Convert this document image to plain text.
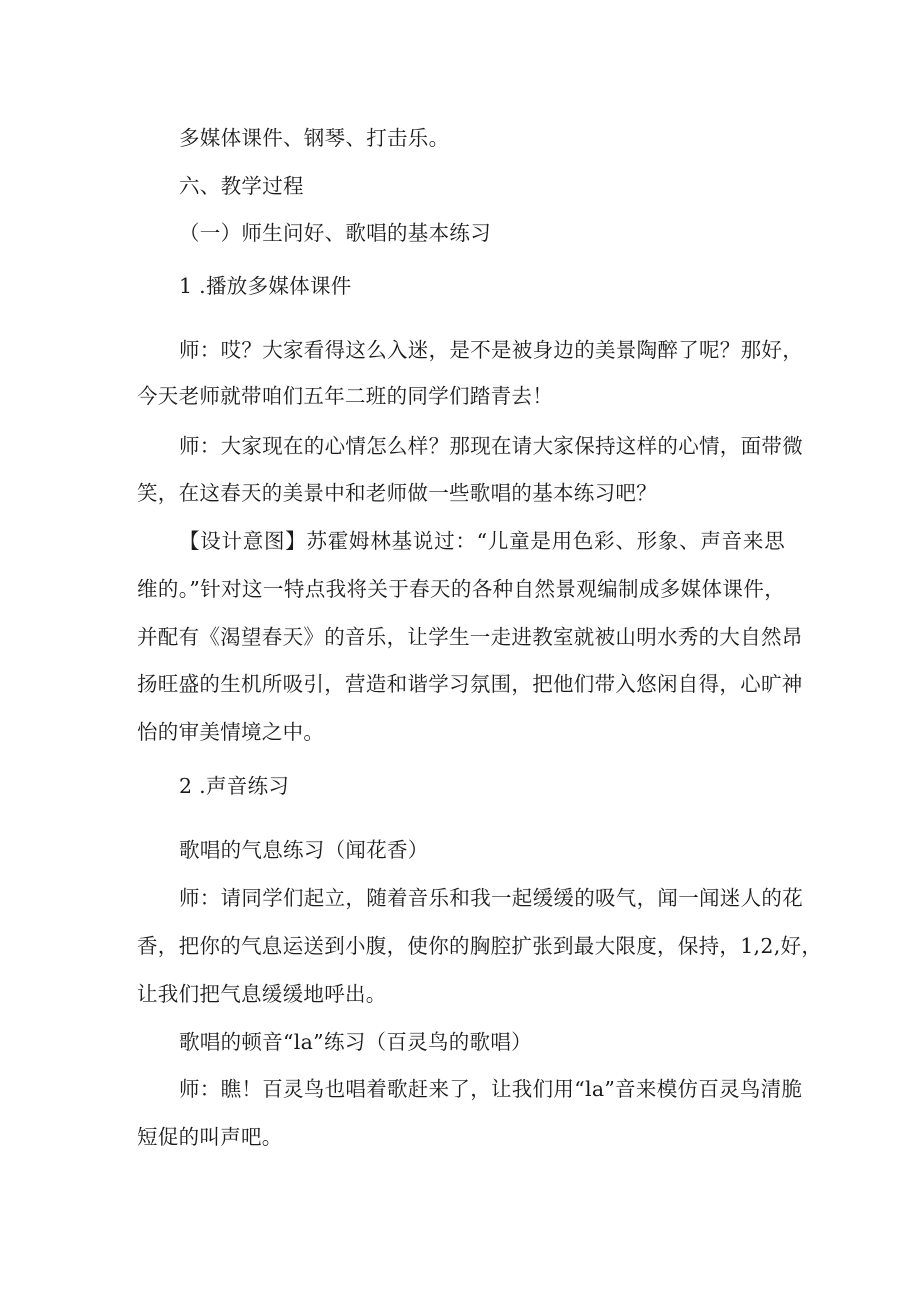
多媒体课件、钢琴、打击乐。
六、教学过程
（一）师生问好、歌唱的基本练习
1 .播放多媒体课件
师：哎？大家看得这么入迷，是不是被身边的美景陶醉了呢？那好，
今天老师就带咱们五年二班的同学们踏青去！
师：大家现在的心情怎么样？那现在请大家保持这样的心情，面带微
笑，在这春天的美景中和老师做一些歌唱的基本练习吧？
【设计意图】苏霍姆林基说过：“儿童是用色彩、形象、声音来思
维的。”针对这一特点我将关于春天的各种自然景观编制成多媒体课件，
并配有《渴望春天》的音乐，让学生一走进教室就被山明水秀的大自然昂
扬旺盛的生机所吸引，营造和谐学习氛围，把他们带入悠闲自得，心旷神
怡的审美情境之中。
2 .声音练习
歌唱的气息练习（闻花香）
师：请同学们起立，随着音乐和我一起缓缓的吸气，闻一闻迷人的花
香，把你的气息运送到小腹，使你的胸腔扩张到最大限度，保持，1,2,好，
让我们把气息缓缓地呼出。
歌唱的顿音“la”练习（百灵鸟的歌唱）
师：瞧！百灵鸟也唱着歌赶来了，让我们用“la”音来模仿百灵鸟清脆
短促的叫声吧。
